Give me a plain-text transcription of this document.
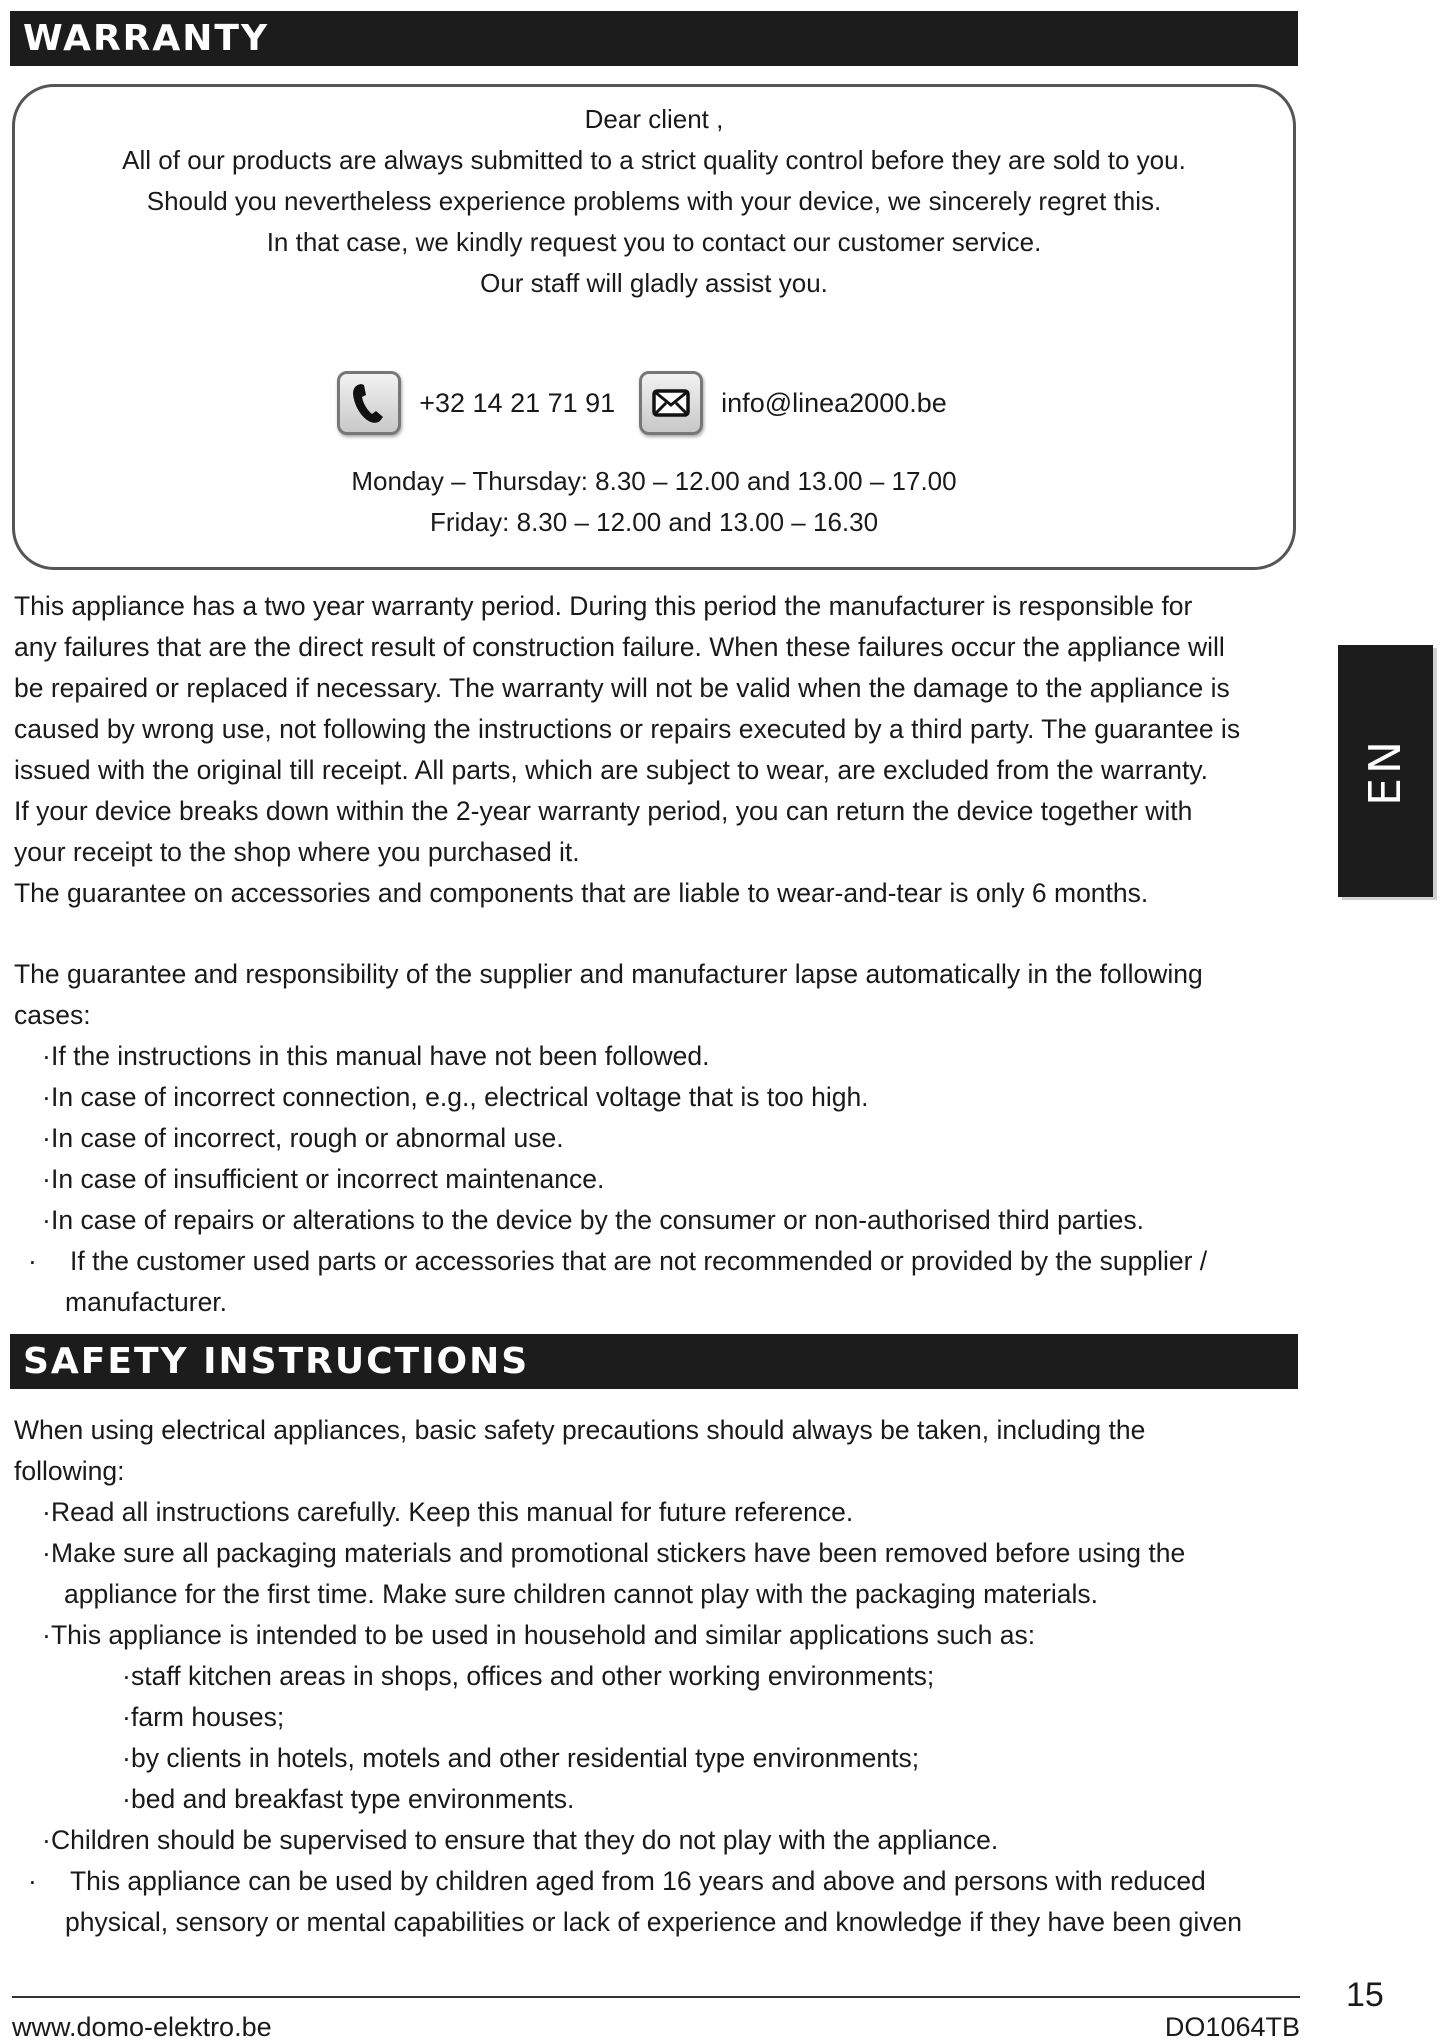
WARRANTY
Dear client ,
All of our products are always submitted to a strict quality control before they are sold to you.
Should you nevertheless experience problems with your device, we sincerely regret this.
In that case, we kindly request you to contact our customer service.
Our staff will gladly assist you.
+32 14 21 71 91	info@linea2000.be
Monday – Thursday: 8.30 – 12.00 and 13.00 – 17.00
Friday: 8.30 – 12.00 and 13.00 – 16.30
This appliance has a two year warranty period. During this period the manufacturer is responsible for
any failures that are the direct result of construction failure. When these failures occur the appliance will
be repaired or replaced if necessary. The warranty will not be valid when the damage to the appliance is
caused by wrong use, not following the instructions or repairs executed by a third party. The guarantee is
issued with the original till receipt. All parts, which are subject to wear, are excluded from the warranty.
If your device breaks down within the 2-year warranty period, you can return the device together with
your receipt to the shop where you purchased it.
The guarantee on accessories and components that are liable to wear-and-tear is only 6 months.
The guarantee and responsibility of the supplier and manufacturer lapse automatically in the following
cases:
·If the instructions in this manual have not been followed.
·In case of incorrect connection, e.g., electrical voltage that is too high.
·In case of incorrect, rough or abnormal use.
·In case of insufficient or incorrect maintenance.
·In case of repairs or alterations to the device by the consumer or non-authorised third parties.
· If the customer used parts or accessories that are not recommended or provided by the supplier /
manufacturer.
SAFETY INSTRUCTIONS
When using electrical appliances, basic safety precautions should always be taken, including the
following:
·Read all instructions carefully. Keep this manual for future reference.
·Make sure all packaging materials and promotional stickers have been removed before using the
appliance for the first time. Make sure children cannot play with the packaging materials.
·This appliance is intended to be used in household and similar applications such as:
·staff kitchen areas in shops, offices and other working environments;
·farm houses;
·by clients in hotels, motels and other residential type environments;
·bed and breakfast type environments.
·Children should be supervised to ensure that they do not play with the appliance.
· This appliance can be used by children aged from 16 years and above and persons with reduced
physical, sensory or mental capabilities or lack of experience and knowledge if they have been given
EN
15
www.domo-elektro.be	DO1064TB
